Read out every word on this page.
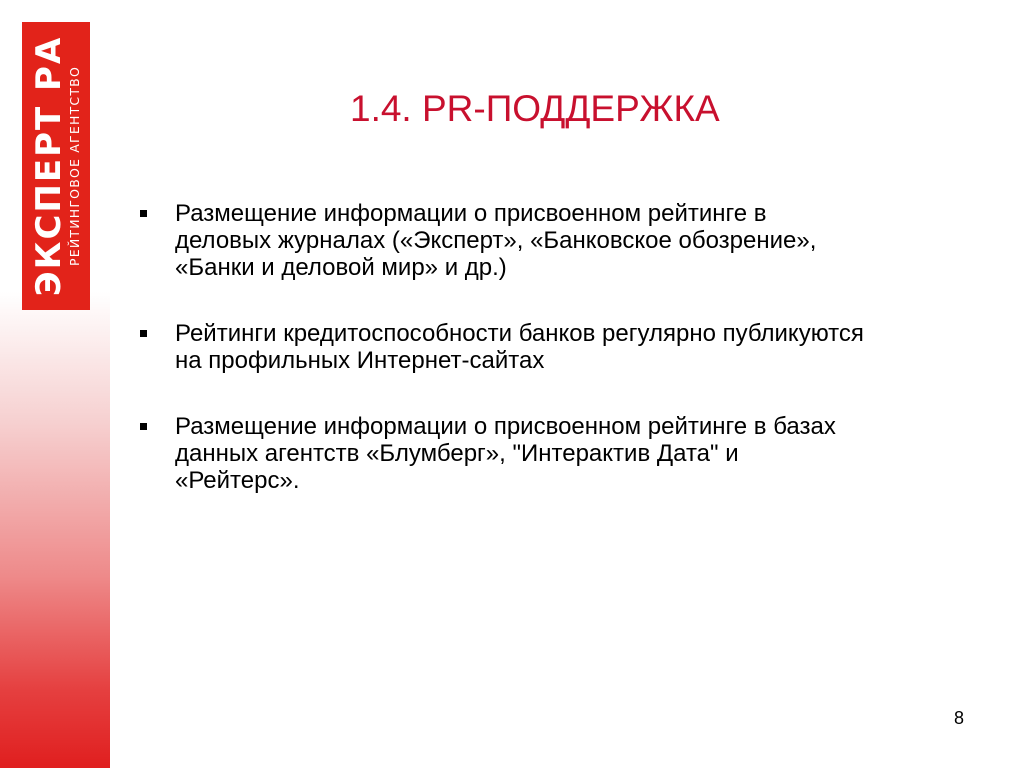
ЭКСПЕРТ РА
РЕЙТИНГОВОЕ АГЕНТСТВО	1.4. PR-ПОДДЕРЖКА
Размещение информации о присвоенном рейтинге в
деловых журналах («Эксперт», «Банковское обозрение»,
«Банки и деловой мир» и др.)
Рейтинги кредитоспособности банков регулярно публикуются
на профильных Интернет-сайтах
Размещение информации о присвоенном рейтинге в базах
данных агентств «Блумберг», "Интерактив Дата" и
«Рейтерс».
8
